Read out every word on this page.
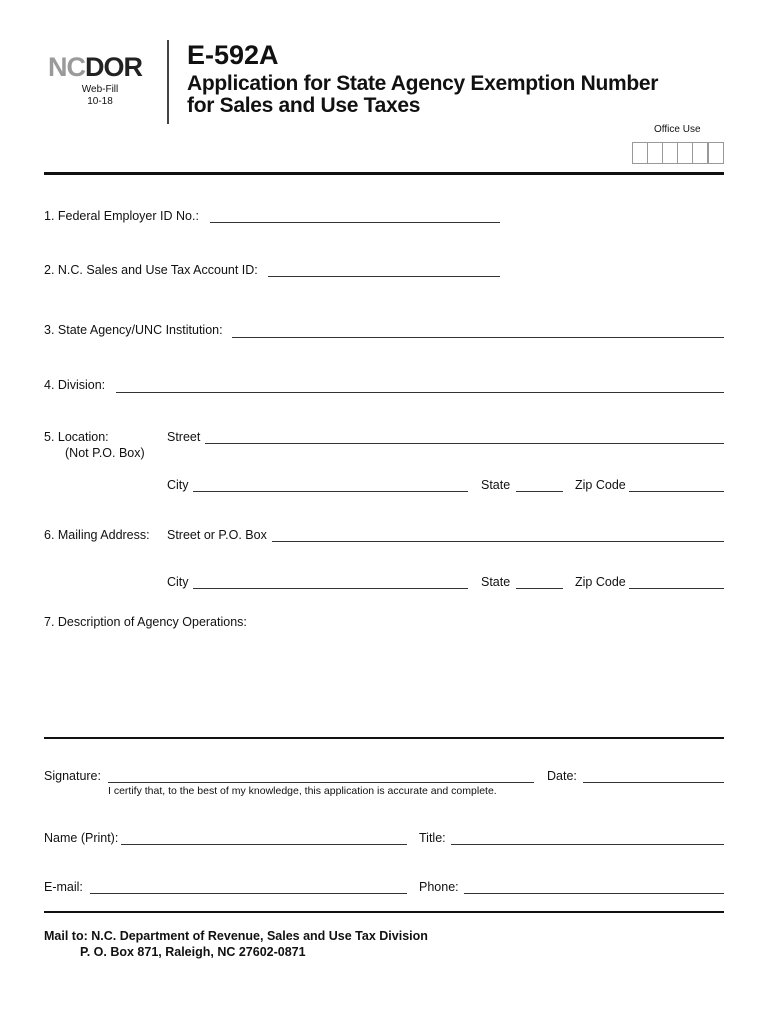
NCDOR
Web-Fill
10-18
E-592A
Application for State Agency Exemption Number
for Sales and Use Taxes
Office Use
1. Federal Employer ID No.:
2. N.C. Sales and Use Tax Account ID:
3. State Agency/UNC Institution:
4. Division:
5. Location:
(Not P.O. Box)
Street
City	State	Zip Code
6. Mailing Address: Street or P.O. Box
City	State	Zip Code
7. Description of Agency Operations:
Signature:
I certify that, to the best of my knowledge, this application is accurate and complete.
Date:
Name (Print):	Title:
E-mail:	Phone:
Mail to: N.C. Department of Revenue, Sales and Use Tax Division
P. O. Box 871, Raleigh, NC 27602-0871
